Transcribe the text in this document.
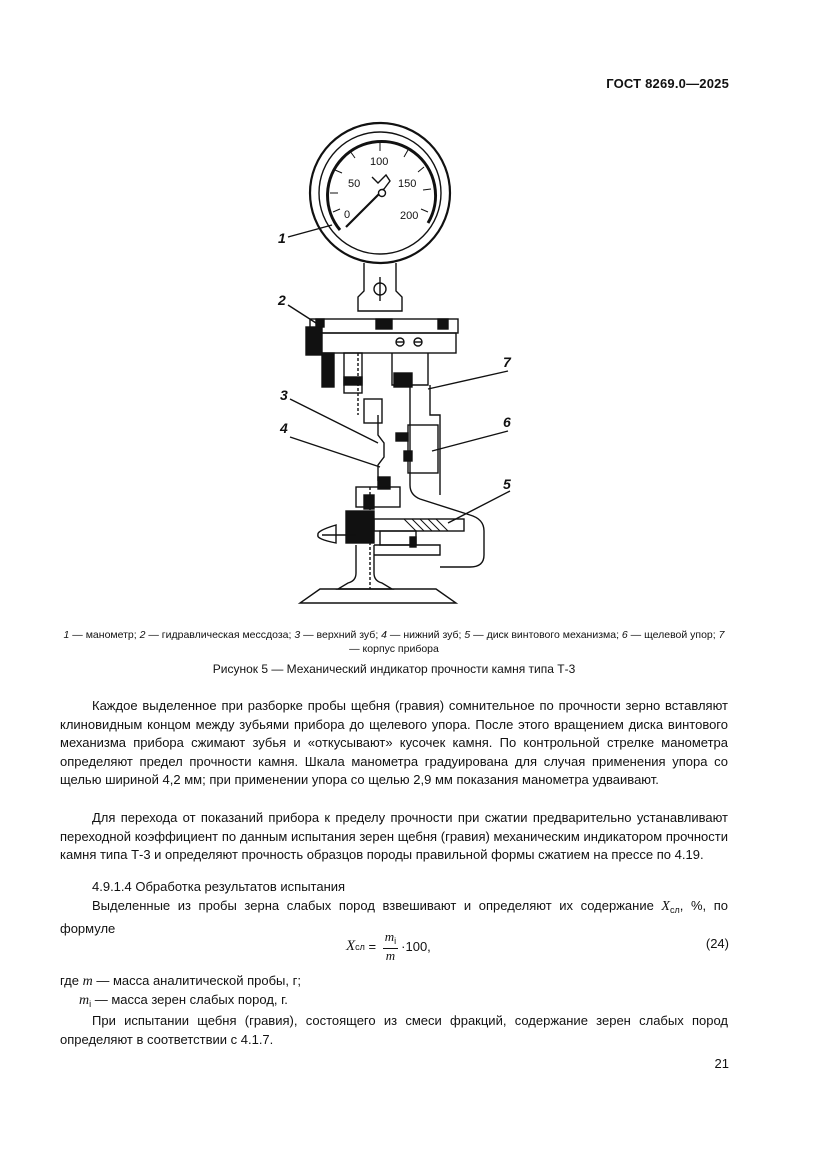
ГОСТ 8269.0—2025
0
50
100
150
200
1
2
3
4
5
6
7
1 — манометр; 2 — гидравлическая мессдоза; 3 — верхний зуб; 4 — нижний зуб; 5 — диск винтового механизма; 6 — щелевой упор; 7 — корпус прибора
Рисунок 5 — Механический индикатор прочности камня типа Т-3

Каждое выделенное при разборке пробы щебня (гравия) сомнительное по прочности зерно вставляют клиновидным концом между зубьями прибора до щелевого упора. После этого вращением диска винтового механизма прибора сжимают зубья и «откусывают» кусочек камня. По контрольной стрелке манометра определяют предел прочности камня. Шкала манометра градуирована для случая применения упора со щелью шириной 4,2 мм; при применении упора со щелью 2,9 мм показания манометра удваивают.

Для перехода от показаний прибора к пределу прочности при сжатии предварительно устанавливают переходной коэффициент по данным испытания зерен щебня (гравия) механическим индикатором прочности камня типа Т-3 и определяют прочность образцов породы правильной формы сжатием на прессе по 4.19.

4.9.1.4 Обработка результатов испытания

Выделенные из пробы зерна слабых пород взвешивают и определяют их содержание $X_{сл}$, %, по формуле

X сл = $\frac{m_i}{m} \cdot 100$,	(24)
где m — масса аналитической пробы, г;
$m_i$ — масса зерен слабых пород, г.

При испытании щебня (гравия), состоящего из смеси фракций, содержание зерен слабых пород определяют в соответствии с 4.1.7.

21
